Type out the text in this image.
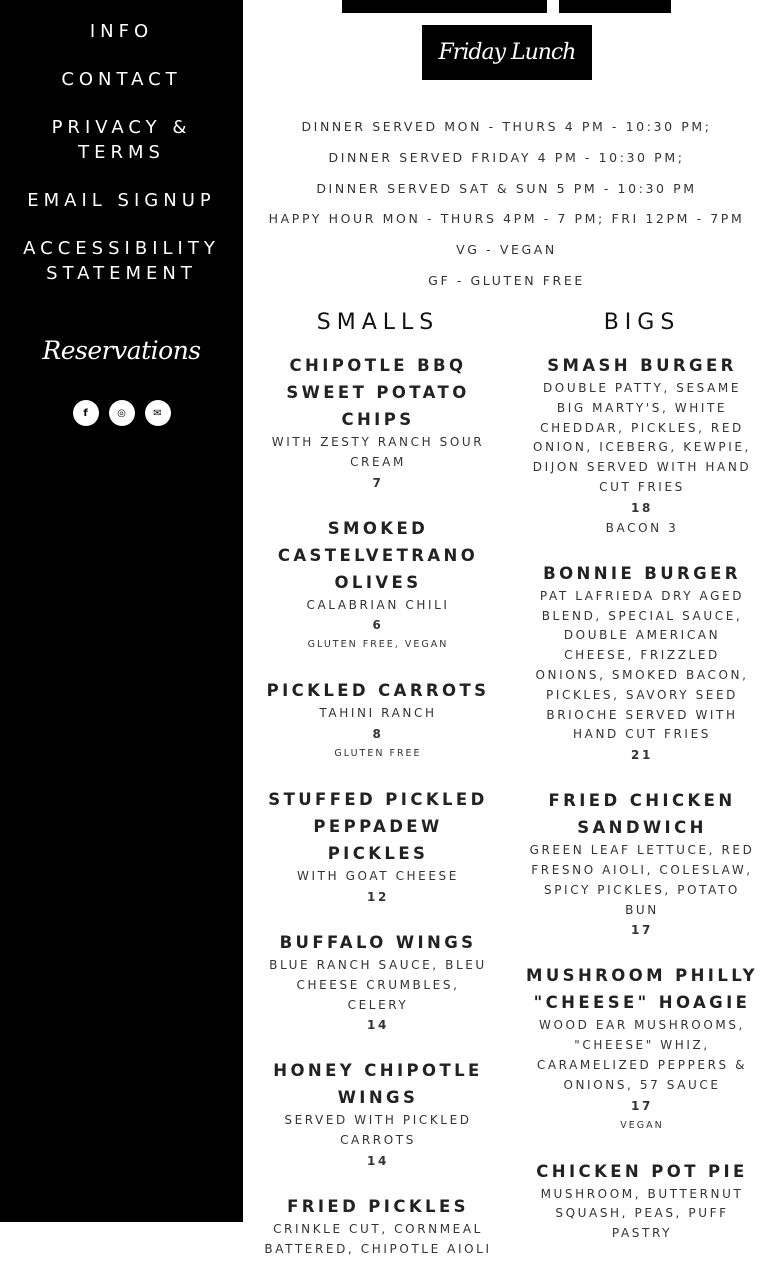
INFO
CONTACT
PRIVACY & TERMS
EMAIL SIGNUP
ACCESSIBILITY STATEMENT
Reservations
f	◎	✉
Friday Lunch
DINNER SERVED MON - THURS 4 PM - 10:30 PM;
DINNER SERVED FRIDAY 4 PM - 10:30 PM;
DINNER SERVED SAT & SUN 5 PM - 10:30 PM
HAPPY HOUR MON - THURS 4PM - 7 PM; FRI 12PM - 7PM
VG - VEGAN
GF - GLUTEN FREE
SMALLS
CHIPOTLE BBQ SWEET POTATO CHIPS
WITH ZESTY RANCH SOUR CREAM
7
SMOKED CASTELVETRANO OLIVES
CALABRIAN CHILI
6
GLUTEN FREE, VEGAN
PICKLED CARROTS
TAHINI RANCH
8
GLUTEN FREE
STUFFED PICKLED PEPPADEW PICKLES
WITH GOAT CHEESE
12
BUFFALO WINGS
BLUE RANCH SAUCE, BLEU CHEESE CRUMBLES, CELERY
14
HONEY CHIPOTLE WINGS
SERVED WITH PICKLED CARROTS
14
FRIED PICKLES
CRINKLE CUT, CORNMEAL BATTERED, CHIPOTLE AIOLI
BIGS
SMASH BURGER
DOUBLE PATTY, SESAME BIG MARTY'S, WHITE CHEDDAR, PICKLES, RED ONION, ICEBERG, KEWPIE, DIJON SERVED WITH HAND CUT FRIES
18
BACON 3
BONNIE BURGER
PAT LAFRIEDA DRY AGED BLEND, SPECIAL SAUCE, DOUBLE AMERICAN CHEESE, FRIZZLED ONIONS, SMOKED BACON, PICKLES, SAVORY SEED BRIOCHE SERVED WITH HAND CUT FRIES
21
FRIED CHICKEN SANDWICH
GREEN LEAF LETTUCE, RED FRESNO AIOLI, COLESLAW, SPICY PICKLES, POTATO BUN
17
MUSHROOM PHILLY "CHEESE" HOAGIE
WOOD EAR MUSHROOMS, "CHEESE" WHIZ, CARAMELIZED PEPPERS & ONIONS, 57 SAUCE
17
VEGAN
CHICKEN POT PIE
MUSHROOM, BUTTERNUT SQUASH, PEAS, PUFF PASTRY
